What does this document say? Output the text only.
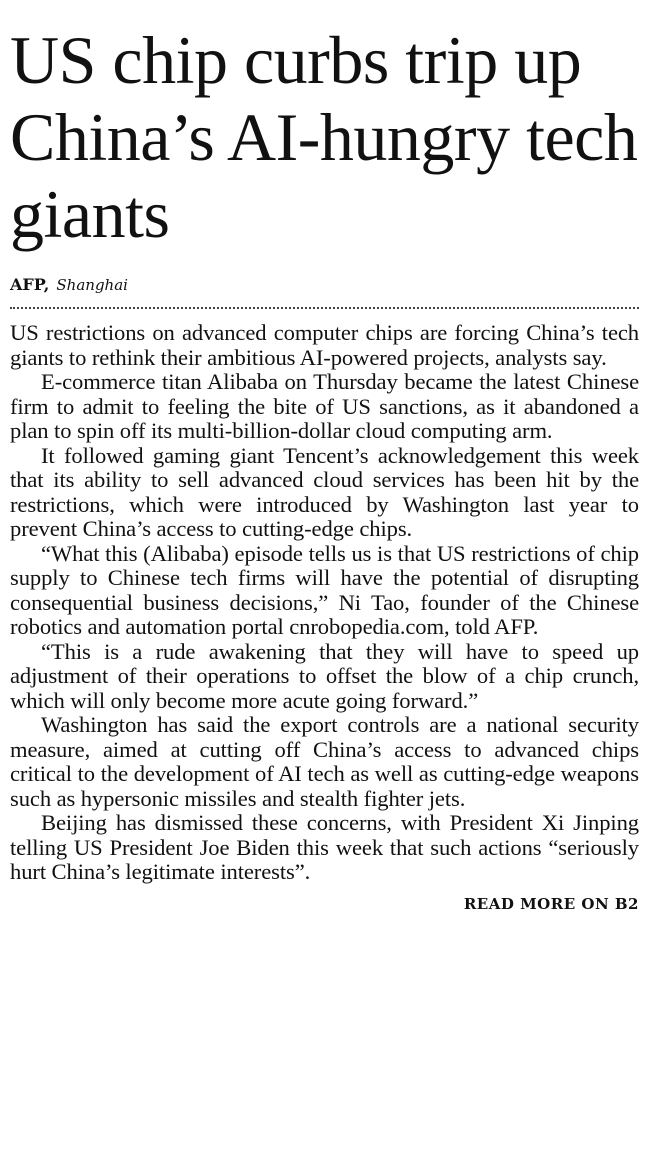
US chip curbs trip up China’s AI-hungry tech giants
AFP, Shanghai

US restrictions on advanced computer chips are forcing China’s tech giants to rethink their ambitious AI-powered projects, analysts say.

E-commerce titan Alibaba on Thursday became the latest Chinese firm to admit to feeling the bite of US sanctions, as it abandoned a plan to spin off its multi-billion-dollar cloud computing arm.

It followed gaming giant Tencent’s acknowledgement this week that its ability to sell advanced cloud services has been hit by the restrictions, which were introduced by Washington last year to prevent China’s access to cutting-edge chips.

“What this (Alibaba) episode tells us is that US restrictions of chip supply to Chinese tech firms will have the potential of disrupting consequential business decisions,” Ni Tao, founder of the Chinese robotics and automation portal cnrobopedia.com, told AFP.

“This is a rude awakening that they will have to speed up adjustment of their operations to offset the blow of a chip crunch, which will only become more acute going forward.”

Washington has said the export controls are a national security measure, aimed at cutting off China’s access to advanced chips critical to the development of AI tech as well as cutting-edge weapons such as hypersonic missiles and stealth fighter jets.

Beijing has dismissed these concerns, with President Xi Jinping telling US President Joe Biden this week that such actions “seriously hurt China’s legitimate interests”.

READ MORE ON B2
